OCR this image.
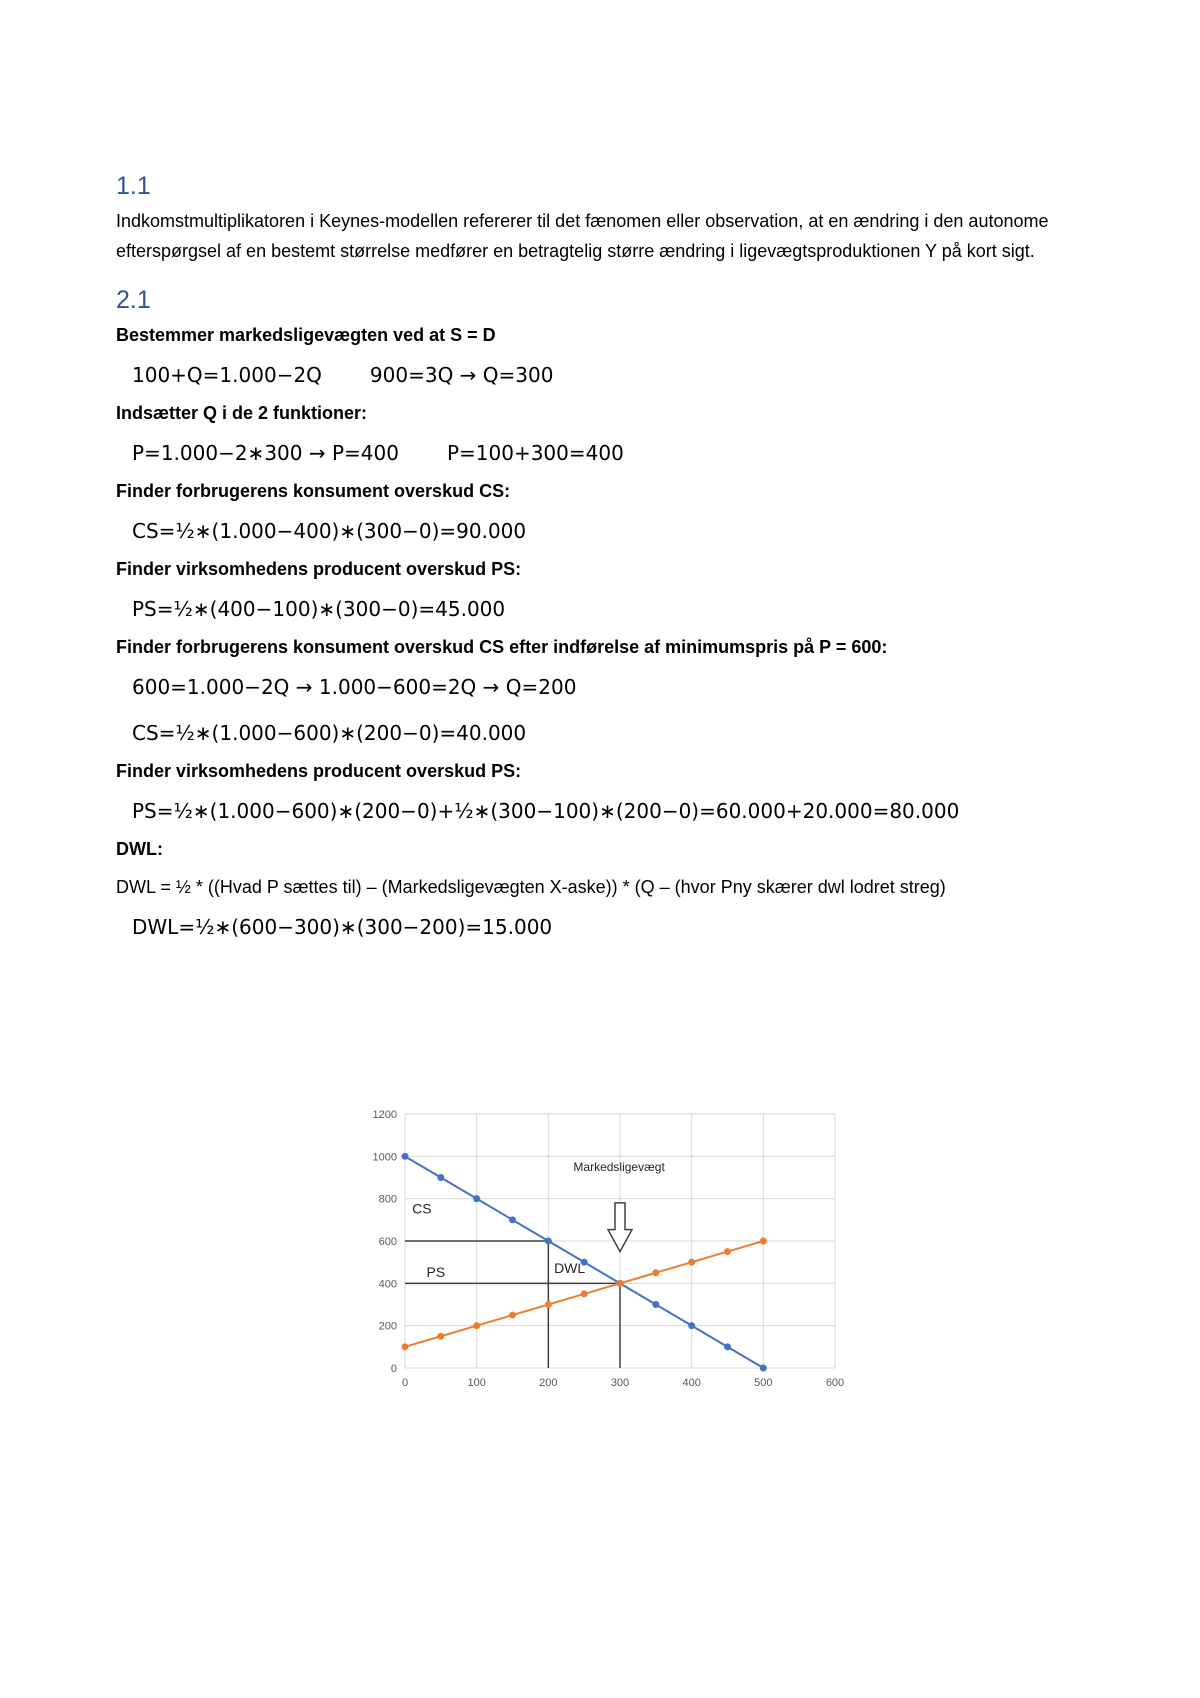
1.1

Indkomstmultiplikatoren i Keynes-modellen refererer til det fænomen eller observation, at en ændring i den autonome efterspørgsel af en bestemt størrelse medfører en betragtelig større ændring i ligevægtsproduktionen Y på kort sigt.

2.1

Bestemmer markedsligevægten ved at S = D

100+Q=1.000−2Q 900=3Q → Q=300

Indsætter Q i de 2 funktioner:

P=1.000−2∗300 → P=400 P=100+300=400

Finder forbrugerens konsument overskud CS:

CS=½∗(1.000−400)∗(300−0)=90.000

Finder virksomhedens producent overskud PS:

PS=½∗(400−100)∗(300−0)=45.000

Finder forbrugerens konsument overskud CS efter indførelse af minimumspris på P = 600:

600=1.000−2Q → 1.000−600=2Q → Q=200
CS=½∗(1.000−600)∗(200−0)=40.000

Finder virksomhedens producent overskud PS:

PS=½∗(1.000−600)∗(200−0)+½∗(300−100)∗(200−0)=60.000+20.000=80.000

DWL:

DWL = ½ * ((Hvad P sættes til) – (Markedsligevægten X-aske)) * (Q – (hvor Pny skærer dwl lodret streg)

DWL=½∗(600−300)∗(300−200)=15.000
0
200
400
600
800
1000
1200
0	100	200	300	400	500	600
Markedsligevægt
CS
PS	DWL
